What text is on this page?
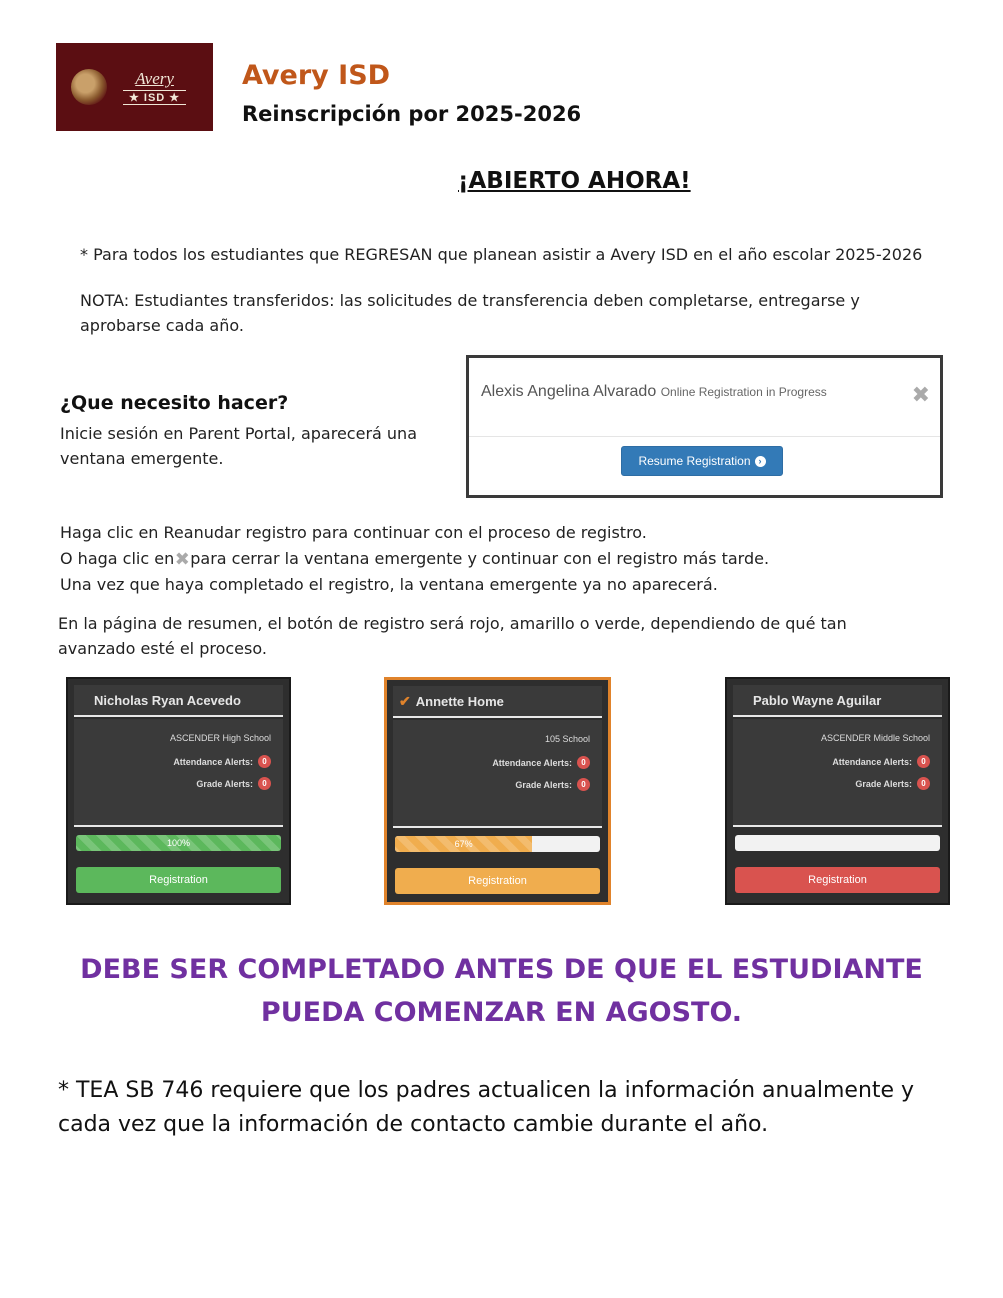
Avery
★ ISD ★
Avery ISD
Reinscripción por 2025-2026
¡ABIERTO AHORA!
* Para todos los estudiantes que REGRESAN que planean asistir a Avery ISD en el año escolar 2025-2026
NOTA: Estudiantes transferidos: las solicitudes de transferencia deben completarse, entregarse y aprobarse cada año.
¿Que necesito hacer?
Inicie sesión en Parent Portal, aparecerá una ventana emergente.
Alexis Angelina Alvarado Online Registration in Progress	✖
Resume Registration ›
Haga clic en Reanudar registro para continuar con el proceso de registro.
O haga clic en✖para cerrar la ventana emergente y continuar con el registro más tarde.
Una vez que haya completado el registro, la ventana emergente ya no aparecerá.
En la página de resumen, el botón de registro será rojo, amarillo o verde, dependiendo de qué tan avanzado esté el proceso.
Nicholas Ryan Acevedo
ASCENDER High School
Attendance Alerts:	0
Grade Alerts:	0
100%
Registration
✔ Annette Home
105 School
Attendance Alerts:	0
Grade Alerts:	0
67%
Registration
Pablo Wayne Aguilar
ASCENDER Middle School
Attendance Alerts:	0
Grade Alerts:	0
Registration
DEBE SER COMPLETADO ANTES DE QUE EL ESTUDIANTE PUEDA COMENZAR EN AGOSTO.
* TEA SB 746 requiere que los padres actualicen la información anualmente y cada vez que la información de contacto cambie durante el año.
